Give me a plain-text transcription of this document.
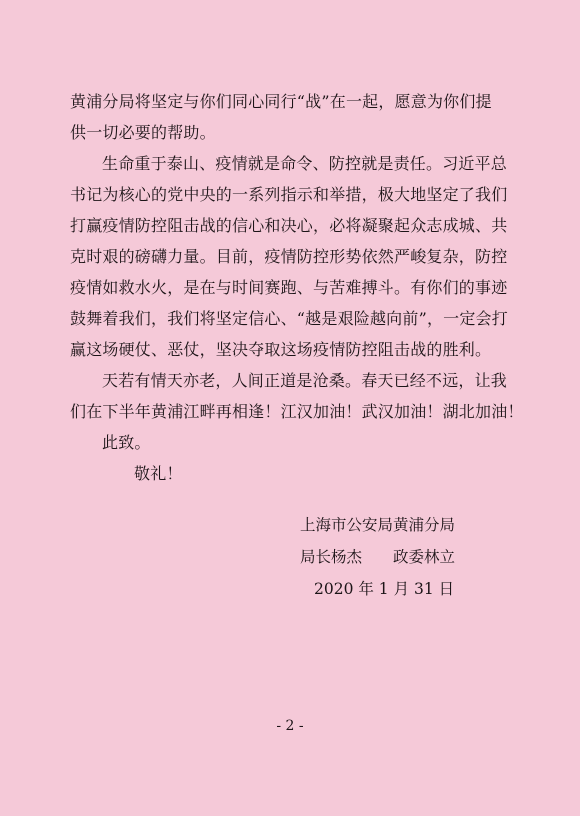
黄浦分局将坚定与你们同心同行“战”在一起，愿意为你们提
供一切必要的帮助。
生命重于泰山、疫情就是命令、防控就是责任。习近平总
书记为核心的党中央的一系列指示和举措，极大地坚定了我们
打赢疫情防控阻击战的信心和决心，必将凝聚起众志成城、共
克时艰的磅礴力量。目前，疫情防控形势依然严峻复杂，防控
疫情如救水火，是在与时间赛跑、与苦难搏斗。有你们的事迹
鼓舞着我们，我们将坚定信心、“越是艰险越向前”，一定会打
赢这场硬仗、恶仗，坚决夺取这场疫情防控阻击战的胜利。
天若有情天亦老，人间正道是沧桑。春天已经不远，让我
们在下半年黄浦江畔再相逢！江汉加油！武汉加油！湖北加油！
此致。
敬礼！
上海市公安局黄浦分局
局长杨杰　　政委林立
2020 年 1 月 31 日
- 2 -
